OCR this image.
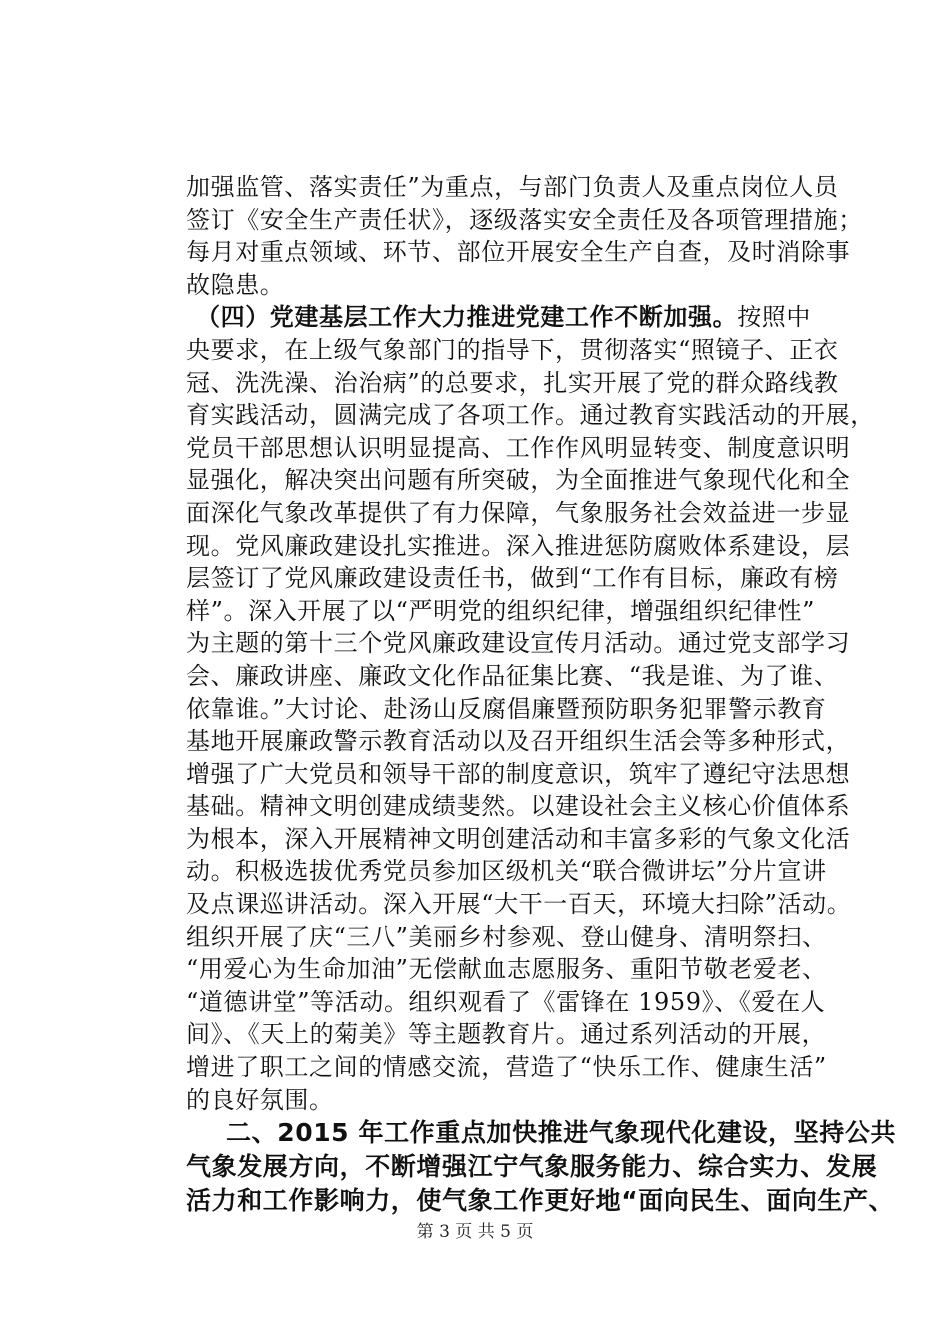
加强监管、落实责任”为重点，与部门负责人及重点岗位人员
签订《安全生产责任状》，逐级落实安全责任及各项管理措施；
每月对重点领域、环节、部位开展安全生产自查，及时消除事
故隐患。
（四）党建基层工作大力推进党建工作不断加强。按照中
央要求，在上级气象部门的指导下，贯彻落实“照镜子、正衣
冠、洗洗澡、治治病”的总要求，扎实开展了党的群众路线教
育实践活动，圆满完成了各项工作。通过教育实践活动的开展，
党员干部思想认识明显提高、工作作风明显转变、制度意识明
显强化，解决突出问题有所突破，为全面推进气象现代化和全
面深化气象改革提供了有力保障，气象服务社会效益进一步显
现。党风廉政建设扎实推进。深入推进惩防腐败体系建设，层
层签订了党风廉政建设责任书，做到“工作有目标，廉政有榜
样”。深入开展了以“严明党的组织纪律，增强组织纪律性”
为主题的第十三个党风廉政建设宣传月活动。通过党支部学习
会、廉政讲座、廉政文化作品征集比赛、“我是谁、为了谁、
依靠谁。”大讨论、赴汤山反腐倡廉暨预防职务犯罪警示教育
基地开展廉政警示教育活动以及召开组织生活会等多种形式，
增强了广大党员和领导干部的制度意识，筑牢了遵纪守法思想
基础。精神文明创建成绩斐然。以建设社会主义核心价值体系
为根本，深入开展精神文明创建活动和丰富多彩的气象文化活
动。积极选拔优秀党员参加区级机关“联合微讲坛”分片宣讲
及点课巡讲活动。深入开展“大干一百天，环境大扫除”活动。
组织开展了庆“三八”美丽乡村参观、登山健身、清明祭扫、
“用爱心为生命加油”无偿献血志愿服务、重阳节敬老爱老、
“道德讲堂”等活动。组织观看了《雷锋在 1959》、《爱在人
间》、《天上的菊美》等主题教育片。通过系列活动的开展，
增进了职工之间的情感交流，营造了“快乐工作、健康生活”
的良好氛围。
二、2015 年工作重点加快推进气象现代化建设，坚持公共
气象发展方向，不断增强江宁气象服务能力、综合实力、发展
活力和工作影响力，使气象工作更好地“面向民生、面向生产、
第 3 页 共 5 页
